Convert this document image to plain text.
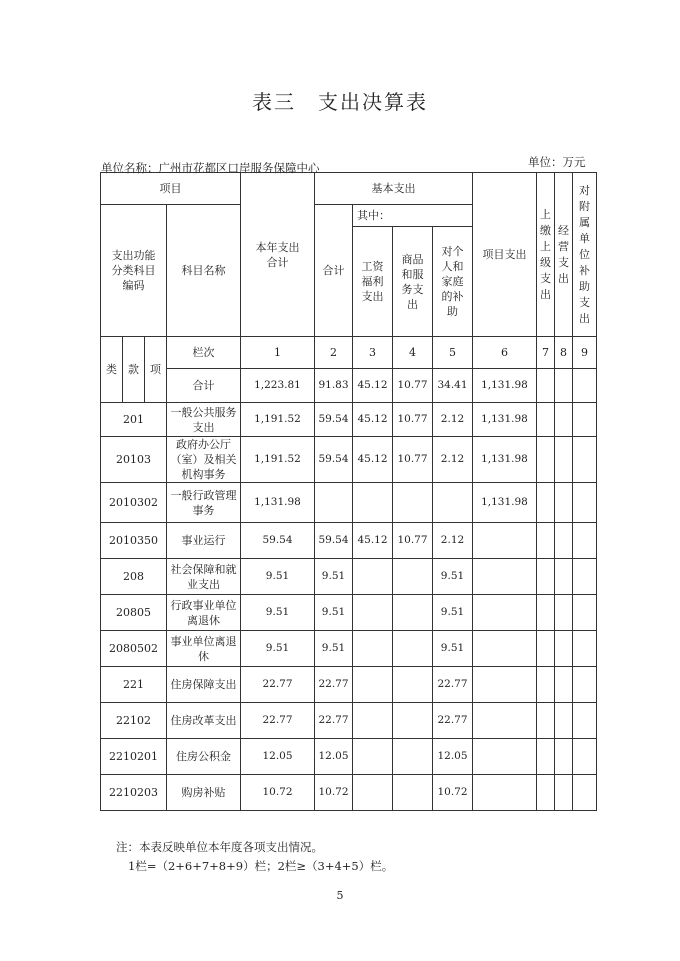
表三　支出决算表
单位名称：广州市花都区口岸服务保障中心	单位：万元
项目				本年支出合计	基本支出				项目支出	上缴上级支出	经营支出	对附属单位补助支出
支出功能分类科目编码			科目名称		合计	其中：						
						工资福利支出	商品和服务支出	对个人和家庭的补助				
类	款	项	栏次	1	2	3	4	5	6	7	8	9
			合计	1,223.81	91.83	45.12	10.77	34.41	1,131.98			
201			一般公共服务支出	1,191.52	59.54	45.12	10.77	2.12	1,131.98			
20103			政府办公厅（室）及相关机构事务	1,191.52	59.54	45.12	10.77	2.12	1,131.98			
2010302			一般行政管理事务	1,131.98					1,131.98			
2010350			事业运行	59.54	59.54	45.12	10.77	2.12				
208			社会保障和就业支出	9.51	9.51			9.51				
20805			行政事业单位离退休	9.51	9.51			9.51				
2080502			事业单位离退休	9.51	9.51			9.51				
221			住房保障支出	22.77	22.77			22.77				
22102			住房改革支出	22.77	22.77			22.77				
2210201			住房公积金	12.05	12.05			12.05				
2210203			购房补贴	10.72	10.72			10.72				
注：本表反映单位本年度各项支出情况。
1栏=（2+6+7+8+9）栏；2栏≥（3+4+5）栏。
5
